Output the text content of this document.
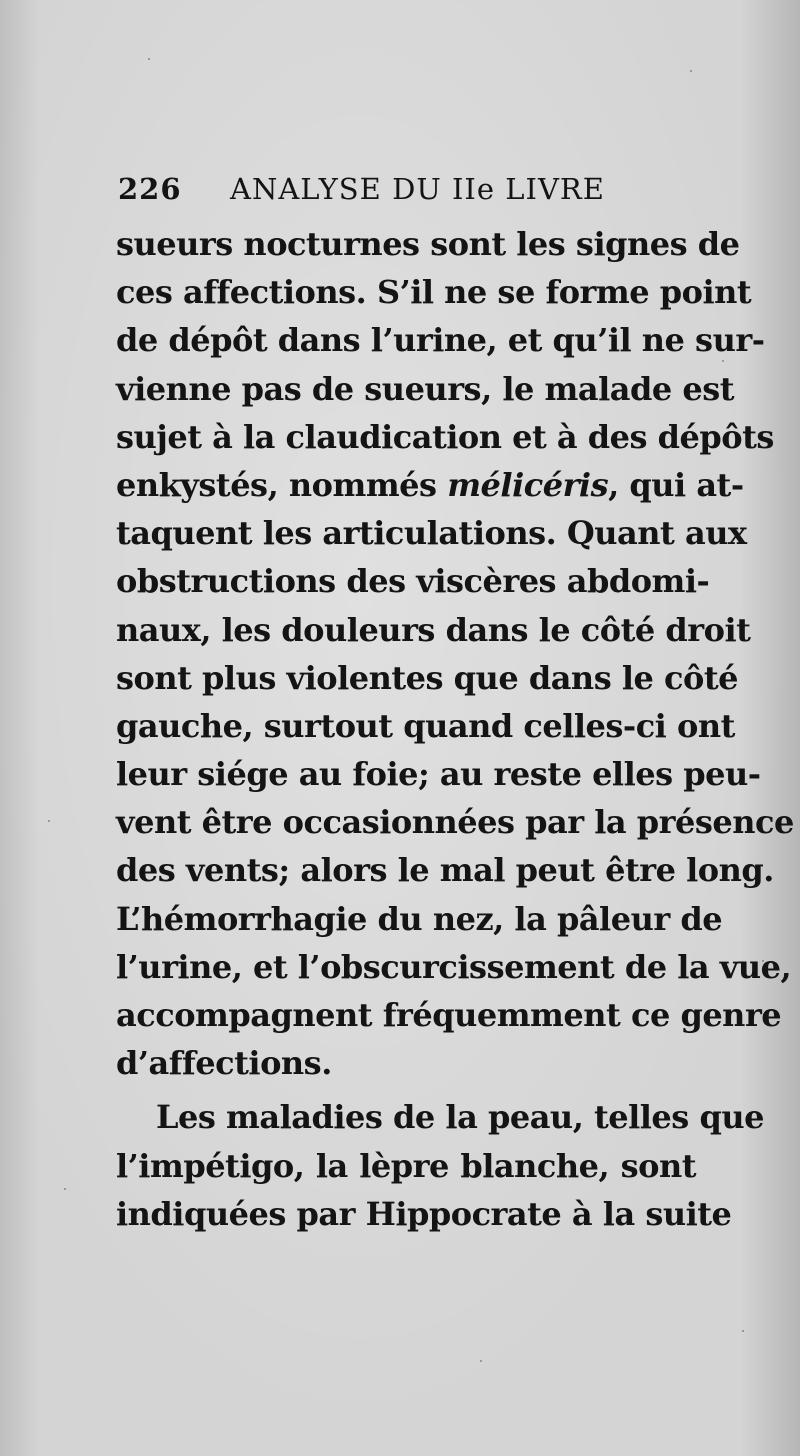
226 ANALYSE DU IIe LIVRE
sueurs nocturnes sont les signes de
ces affections. S’il ne se forme point
de dépôt dans l’urine, et qu’il ne sur-
vienne pas de sueurs, le malade est
sujet à la claudication et à des dépôts
enkystés, nommés mélicéris, qui at-
taquent les articulations. Quant aux
obstructions des viscères abdomi-
naux, les douleurs dans le côté droit
sont plus violentes que dans le côté
gauche, surtout quand celles-ci ont
leur siége au foie; au reste elles peu-
vent être occasionnées par la présence
des vents; alors le mal peut être long.
L’hémorrhagie du nez, la pâleur de
l’urine, et l’obscurcissement de la vue,
accompagnent fréquemment ce genre
d’affections.
Les maladies de la peau, telles que
l’impétigo, la lèpre blanche, sont
indiquées par Hippocrate à la suite
